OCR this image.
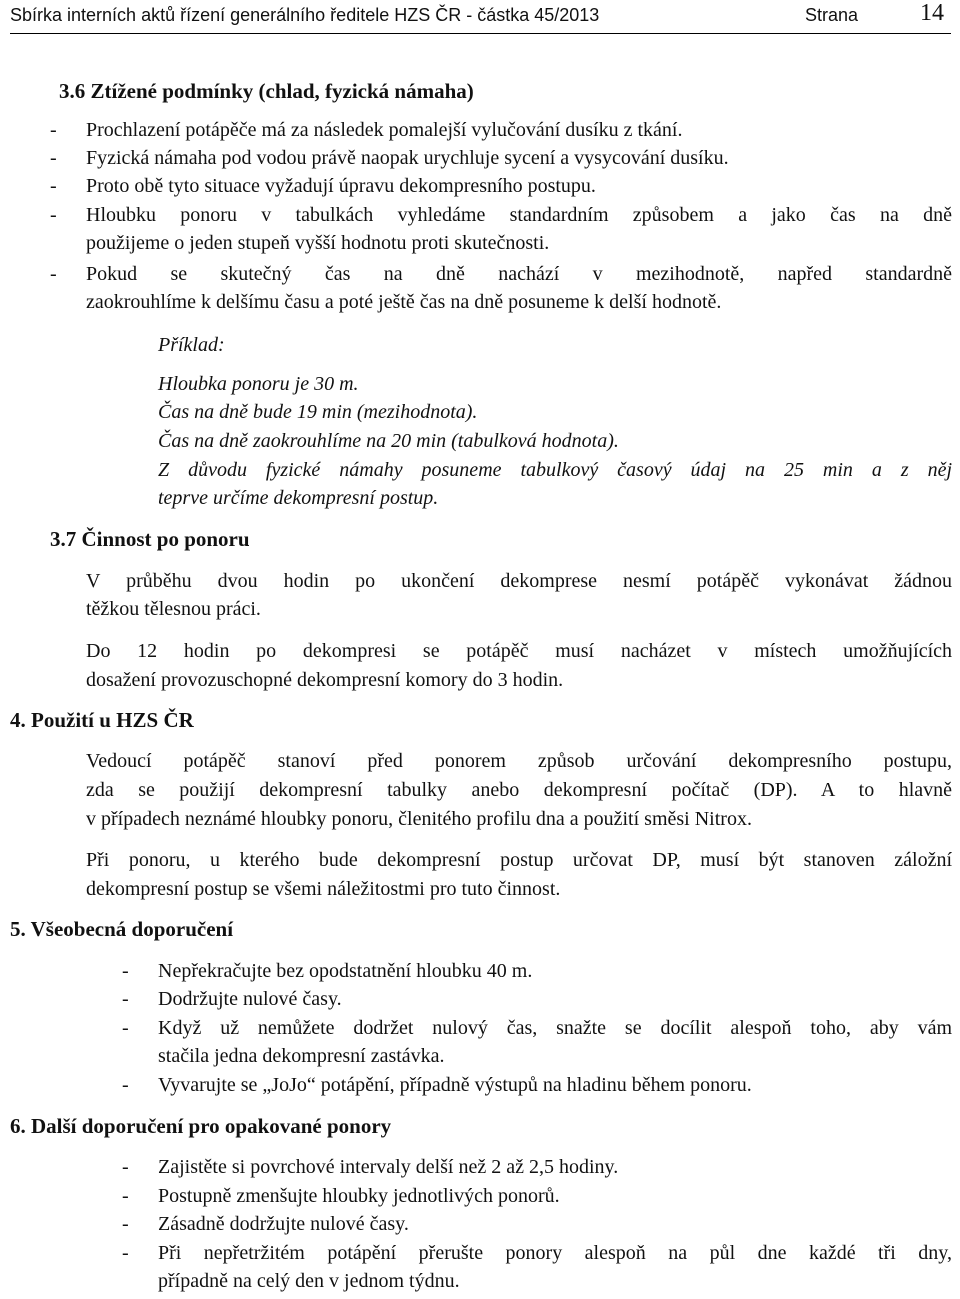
Sbírka interních aktů řízení generálního ředitele HZS ČR - částka 45/2013	Strana	14
3.6 Ztížené podmínky (chlad, fyzická námaha)
- Prochlazení potápěče má za následek pomalejší vylučování dusíku z tkání.
- Fyzická námaha pod vodou právě naopak urychluje sycení a vysycování dusíku.
- Proto obě tyto situace vyžadují úpravu dekompresního postupu.
- Hloubku ponoru v tabulkách vyhledáme standardním způsobem a jako čas na dně
použijeme o jeden stupeň vyšší hodnotu proti skutečnosti.
- Pokud se skutečný čas na dně nachází v mezihodnotě, napřed standardně
zaokrouhlíme k delšímu času a poté ještě čas na dně posuneme k delší hodnotě.
Příklad:
Hloubka ponoru je 30 m.
Čas na dně bude 19 min (mezihodnota).
Čas na dně zaokrouhlíme na 20 min (tabulková hodnota).
Z důvodu fyzické námahy posuneme tabulkový časový údaj na 25 min a z něj
teprve určíme dekompresní postup.
3.7 Činnost po ponoru
V průběhu dvou hodin po ukončení dekomprese nesmí potápěč vykonávat žádnou
těžkou tělesnou práci.
Do 12 hodin po dekompresi se potápěč musí nacházet v místech umožňujících
dosažení provozuschopné dekompresní komory do 3 hodin.
4. Použití u HZS ČR
Vedoucí potápěč stanoví před ponorem způsob určování dekompresního postupu,
zda se použijí dekompresní tabulky anebo dekompresní počítač (DP). A to hlavně
v případech neznámé hloubky ponoru, členitého profilu dna a použití směsi Nitrox.
Při ponoru, u kterého bude dekompresní postup určovat DP, musí být stanoven záložní
dekompresní postup se všemi náležitostmi pro tuto činnost.
5. Všeobecná doporučení
- Nepřekračujte bez opodstatnění hloubku 40 m.
- Dodržujte nulové časy.
- Když už nemůžete dodržet nulový čas, snažte se docílit alespoň toho, aby vám
stačila jedna dekompresní zastávka.
- Vyvarujte se „JoJo“ potápění, případně výstupů na hladinu během ponoru.
6. Další doporučení pro opakované ponory
- Zajistěte si povrchové intervaly delší než 2 až 2,5 hodiny.
- Postupně zmenšujte hloubky jednotlivých ponorů.
- Zásadně dodržujte nulové časy.
- Při nepřetržitém potápění přerušte ponory alespoň na půl dne každé tři dny,
případně na celý den v jednom týdnu.
